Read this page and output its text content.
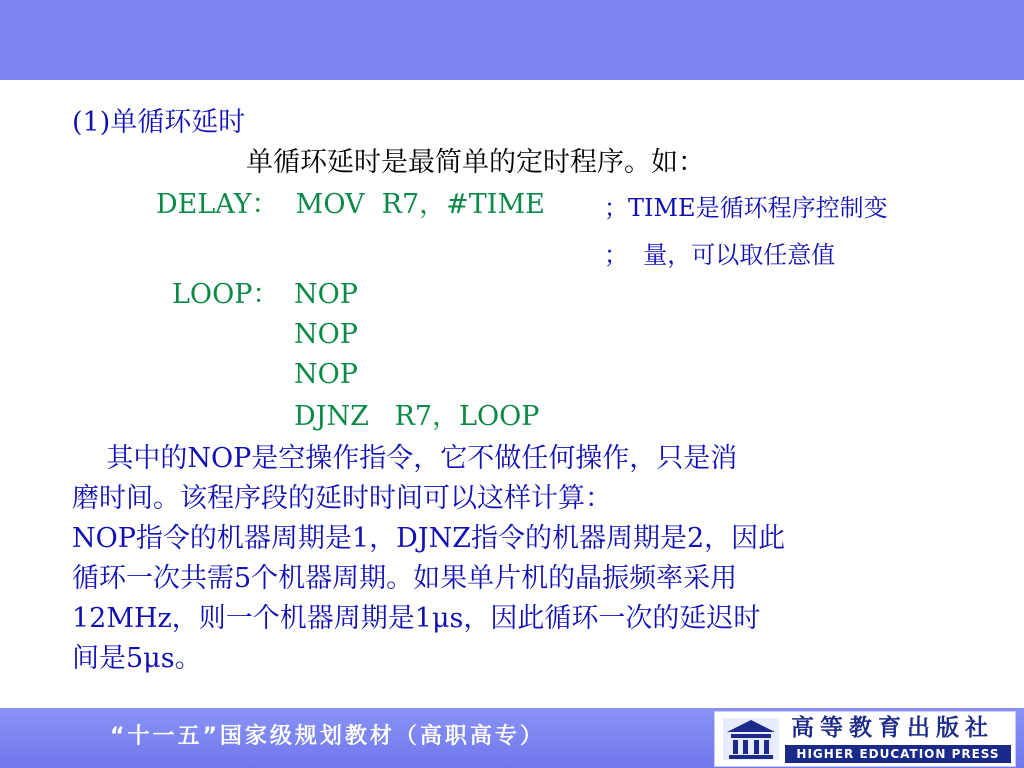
(1)单循环延时
单循环延时是最简单的定时程序。如：
DELAY：  MOV  R7，#TIME ；TIME是循环程序控制变
；  量，可以取任意值
LOOP： NOP
NOP
NOP
DJNZ   R7，LOOP
其中的NOP是空操作指令，它不做任何操作，只是消
磨时间。该程序段的延时时间可以这样计算：
NOP指令的机器周期是1，DJNZ指令的机器周期是2，因此
循环一次共需5个机器周期。如果单片机的晶振频率采用
12MHz，则一个机器周期是1μs，因此循环一次的延迟时
间是5μs。
“十一五”国家级规划教材（高职高专）	高等教育出版社
HIGHER EDUCATION PRESS
